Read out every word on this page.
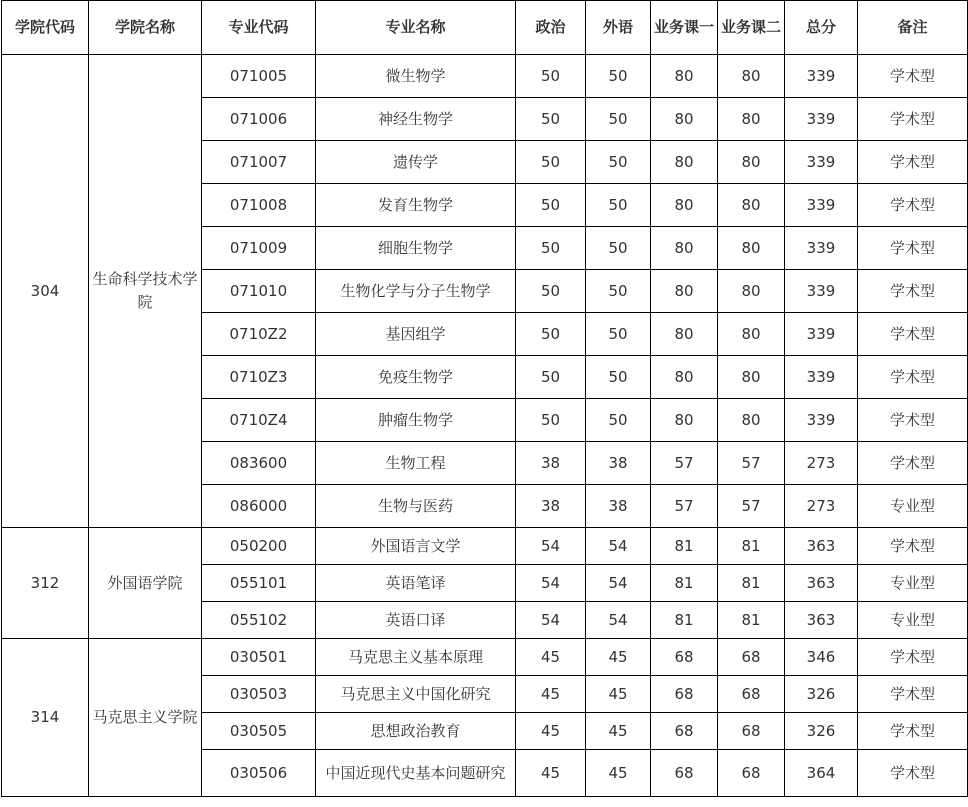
学院代码	学院名称	专业代码	专业名称	政治	外语	业务课一	业务课二	总分	备注
304	生命科学技术学院	071005	微生物学	50	50	80	80	339	学术型
		071006	神经生物学	50	50	80	80	339	学术型
		071007	遗传学	50	50	80	80	339	学术型
		071008	发育生物学	50	50	80	80	339	学术型
		071009	细胞生物学	50	50	80	80	339	学术型
		071010	生物化学与分子生物学	50	50	80	80	339	学术型
		0710Z2	基因组学	50	50	80	80	339	学术型
		0710Z3	免疫生物学	50	50	80	80	339	学术型
		0710Z4	肿瘤生物学	50	50	80	80	339	学术型
		083600	生物工程	38	38	57	57	273	学术型
		086000	生物与医药	38	38	57	57	273	专业型
312	外国语学院	050200	外国语言文学	54	54	81	81	363	学术型
		055101	英语笔译	54	54	81	81	363	专业型
		055102	英语口译	54	54	81	81	363	专业型
314	马克思主义学院	030501	马克思主义基本原理	45	45	68	68	346	学术型
		030503	马克思主义中国化研究	45	45	68	68	326	学术型
		030505	思想政治教育	45	45	68	68	326	学术型
		030506	中国近现代史基本问题研究	45	45	68	68	364	学术型
